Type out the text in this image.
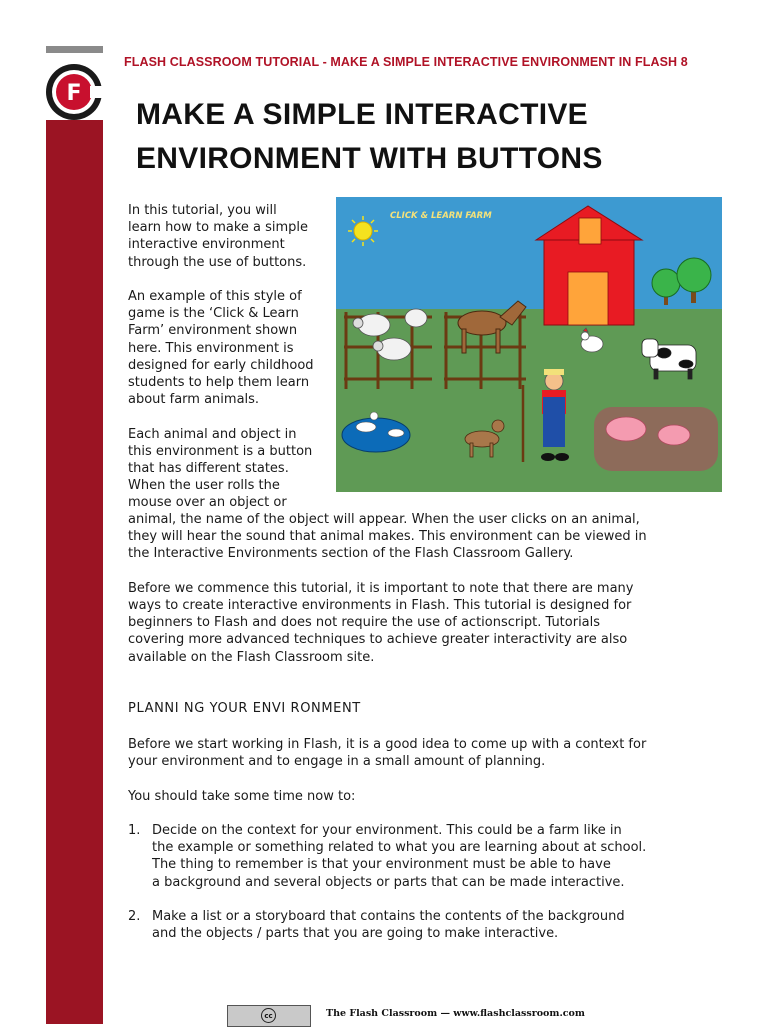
F
FLASH CLASSROOM TUTORIAL - MAKE A SIMPLE INTERACTIVE ENVIRONMENT IN FLASH 8
MAKE A SIMPLE INTERACTIVE
ENVIRONMENT WITH BUTTONS

In this tutorial, you will
learn how to make a simple
interactive environment
through the use of buttons.

An example of this style of
game is the ‘Click & Learn
Farm’ environment shown
here. This environment is
designed for early childhood
students to help them learn
about farm animals.

Each animal and object in
this environment is a button
that has different states.
When the user rolls the
mouse over an object or

CLICK & LEARN FARM

animal, the name of the object will appear. When the user clicks on an animal,
they will hear the sound that animal makes. This environment can be viewed in
the Interactive Environments section of the Flash Classroom Gallery.

Before we commence this tutorial, it is important to note that there are many
ways to create interactive environments in Flash. This tutorial is designed for
beginners to Flash and does not require the use of actionscript. Tutorials
covering more advanced techniques to achieve greater interactivity are also
available on the Flash Classroom site.

PLANNI NG YOUR ENVI RONMENT

Before we start working in Flash, it is a good idea to come up with a context for
your environment and to engage in a small amount of planning.

You should take some time now to:

1. Decide on the context for your environment. This could be a farm like in
the example or something related to what you are learning about at school.
The thing to remember is that your environment must be able to have
a background and several objects or parts that can be made interactive.
2. Make a list or a storyboard that contains the contents of the background
and the objects / parts that you are going to make interactive.
cc	The Flash Classroom — www.flashclassroom.com
